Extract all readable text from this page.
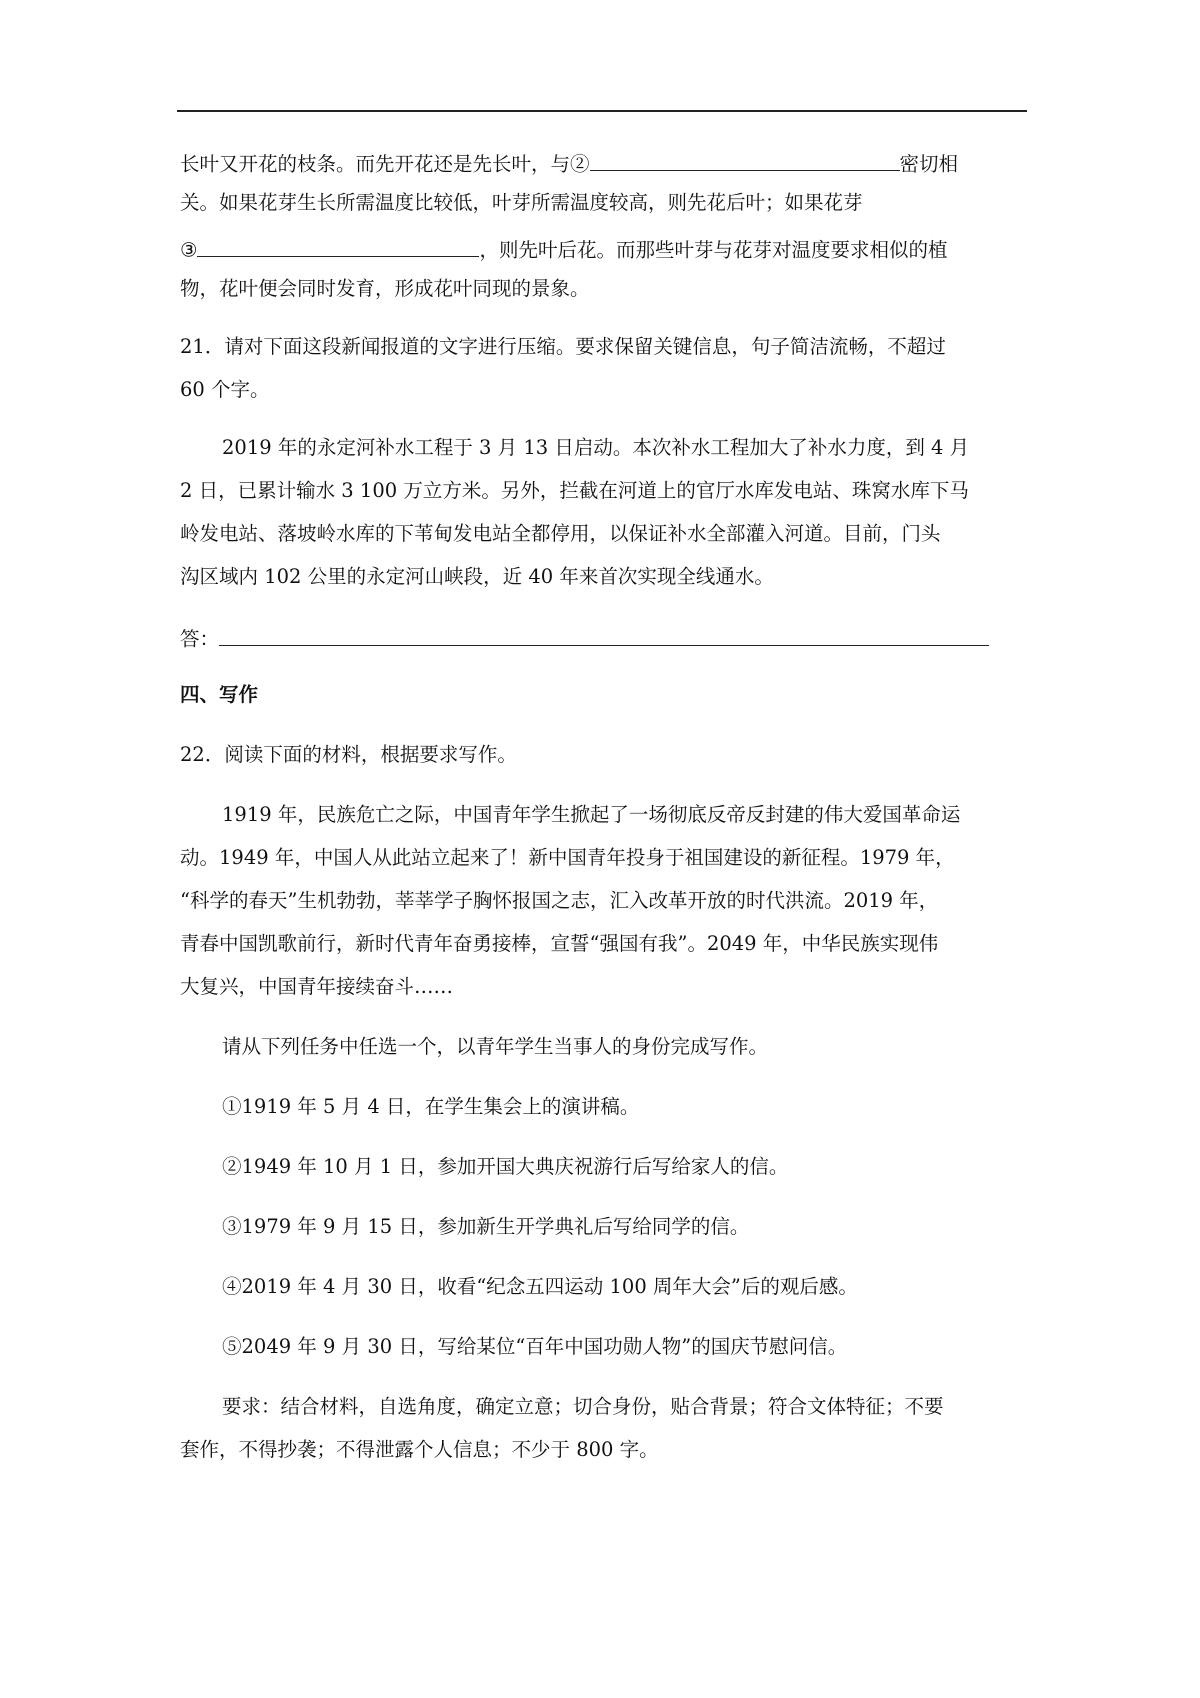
长叶又开花的枝条。而先开花还是先长叶，与②	密切相
关。如果花芽生长所需温度比较低，叶芽所需温度较高，则先花后叶；如果花芽
③	，则先叶后花。而那些叶芽与花芽对温度要求相似的植
物，花叶便会同时发育，形成花叶同现的景象。
21．请对下面这段新闻报道的文字进行压缩。要求保留关键信息，句子简洁流畅，不超过
60 个字。
2019 年的永定河补水工程于 3 月 13 日启动。本次补水工程加大了补水力度，到 4 月
2 日，已累计输水 3 100 万立方米。另外，拦截在河道上的官厅水库发电站、珠窝水库下马
岭发电站、落坡岭水库的下苇甸发电站全都停用，以保证补水全部灌入河道。目前，门头
沟区域内 102 公里的永定河山峡段，近 40 年来首次实现全线通水。
答：
四、写作
22．阅读下面的材料，根据要求写作。
1919 年，民族危亡之际，中国青年学生掀起了一场彻底反帝反封建的伟大爱国革命运
动。1949 年，中国人从此站立起来了！新中国青年投身于祖国建设的新征程。1979 年，
“科学的春天”生机勃勃，莘莘学子胸怀报国之志，汇入改革开放的时代洪流。2019 年，
青春中国凯歌前行，新时代青年奋勇接棒，宣誓“强国有我”。2049 年，中华民族实现伟
大复兴，中国青年接续奋斗……
请从下列任务中任选一个，以青年学生当事人的身份完成写作。
①1919 年 5 月 4 日，在学生集会上的演讲稿。
②1949 年 10 月 1 日，参加开国大典庆祝游行后写给家人的信。
③1979 年 9 月 15 日，参加新生开学典礼后写给同学的信。
④2019 年 4 月 30 日，收看“纪念五四运动 100 周年大会”后的观后感。
⑤2049 年 9 月 30 日，写给某位“百年中国功勋人物”的国庆节慰问信。
要求：结合材料，自选角度，确定立意；切合身份，贴合背景；符合文体特征；不要
套作，不得抄袭；不得泄露个人信息；不少于 800 字。
